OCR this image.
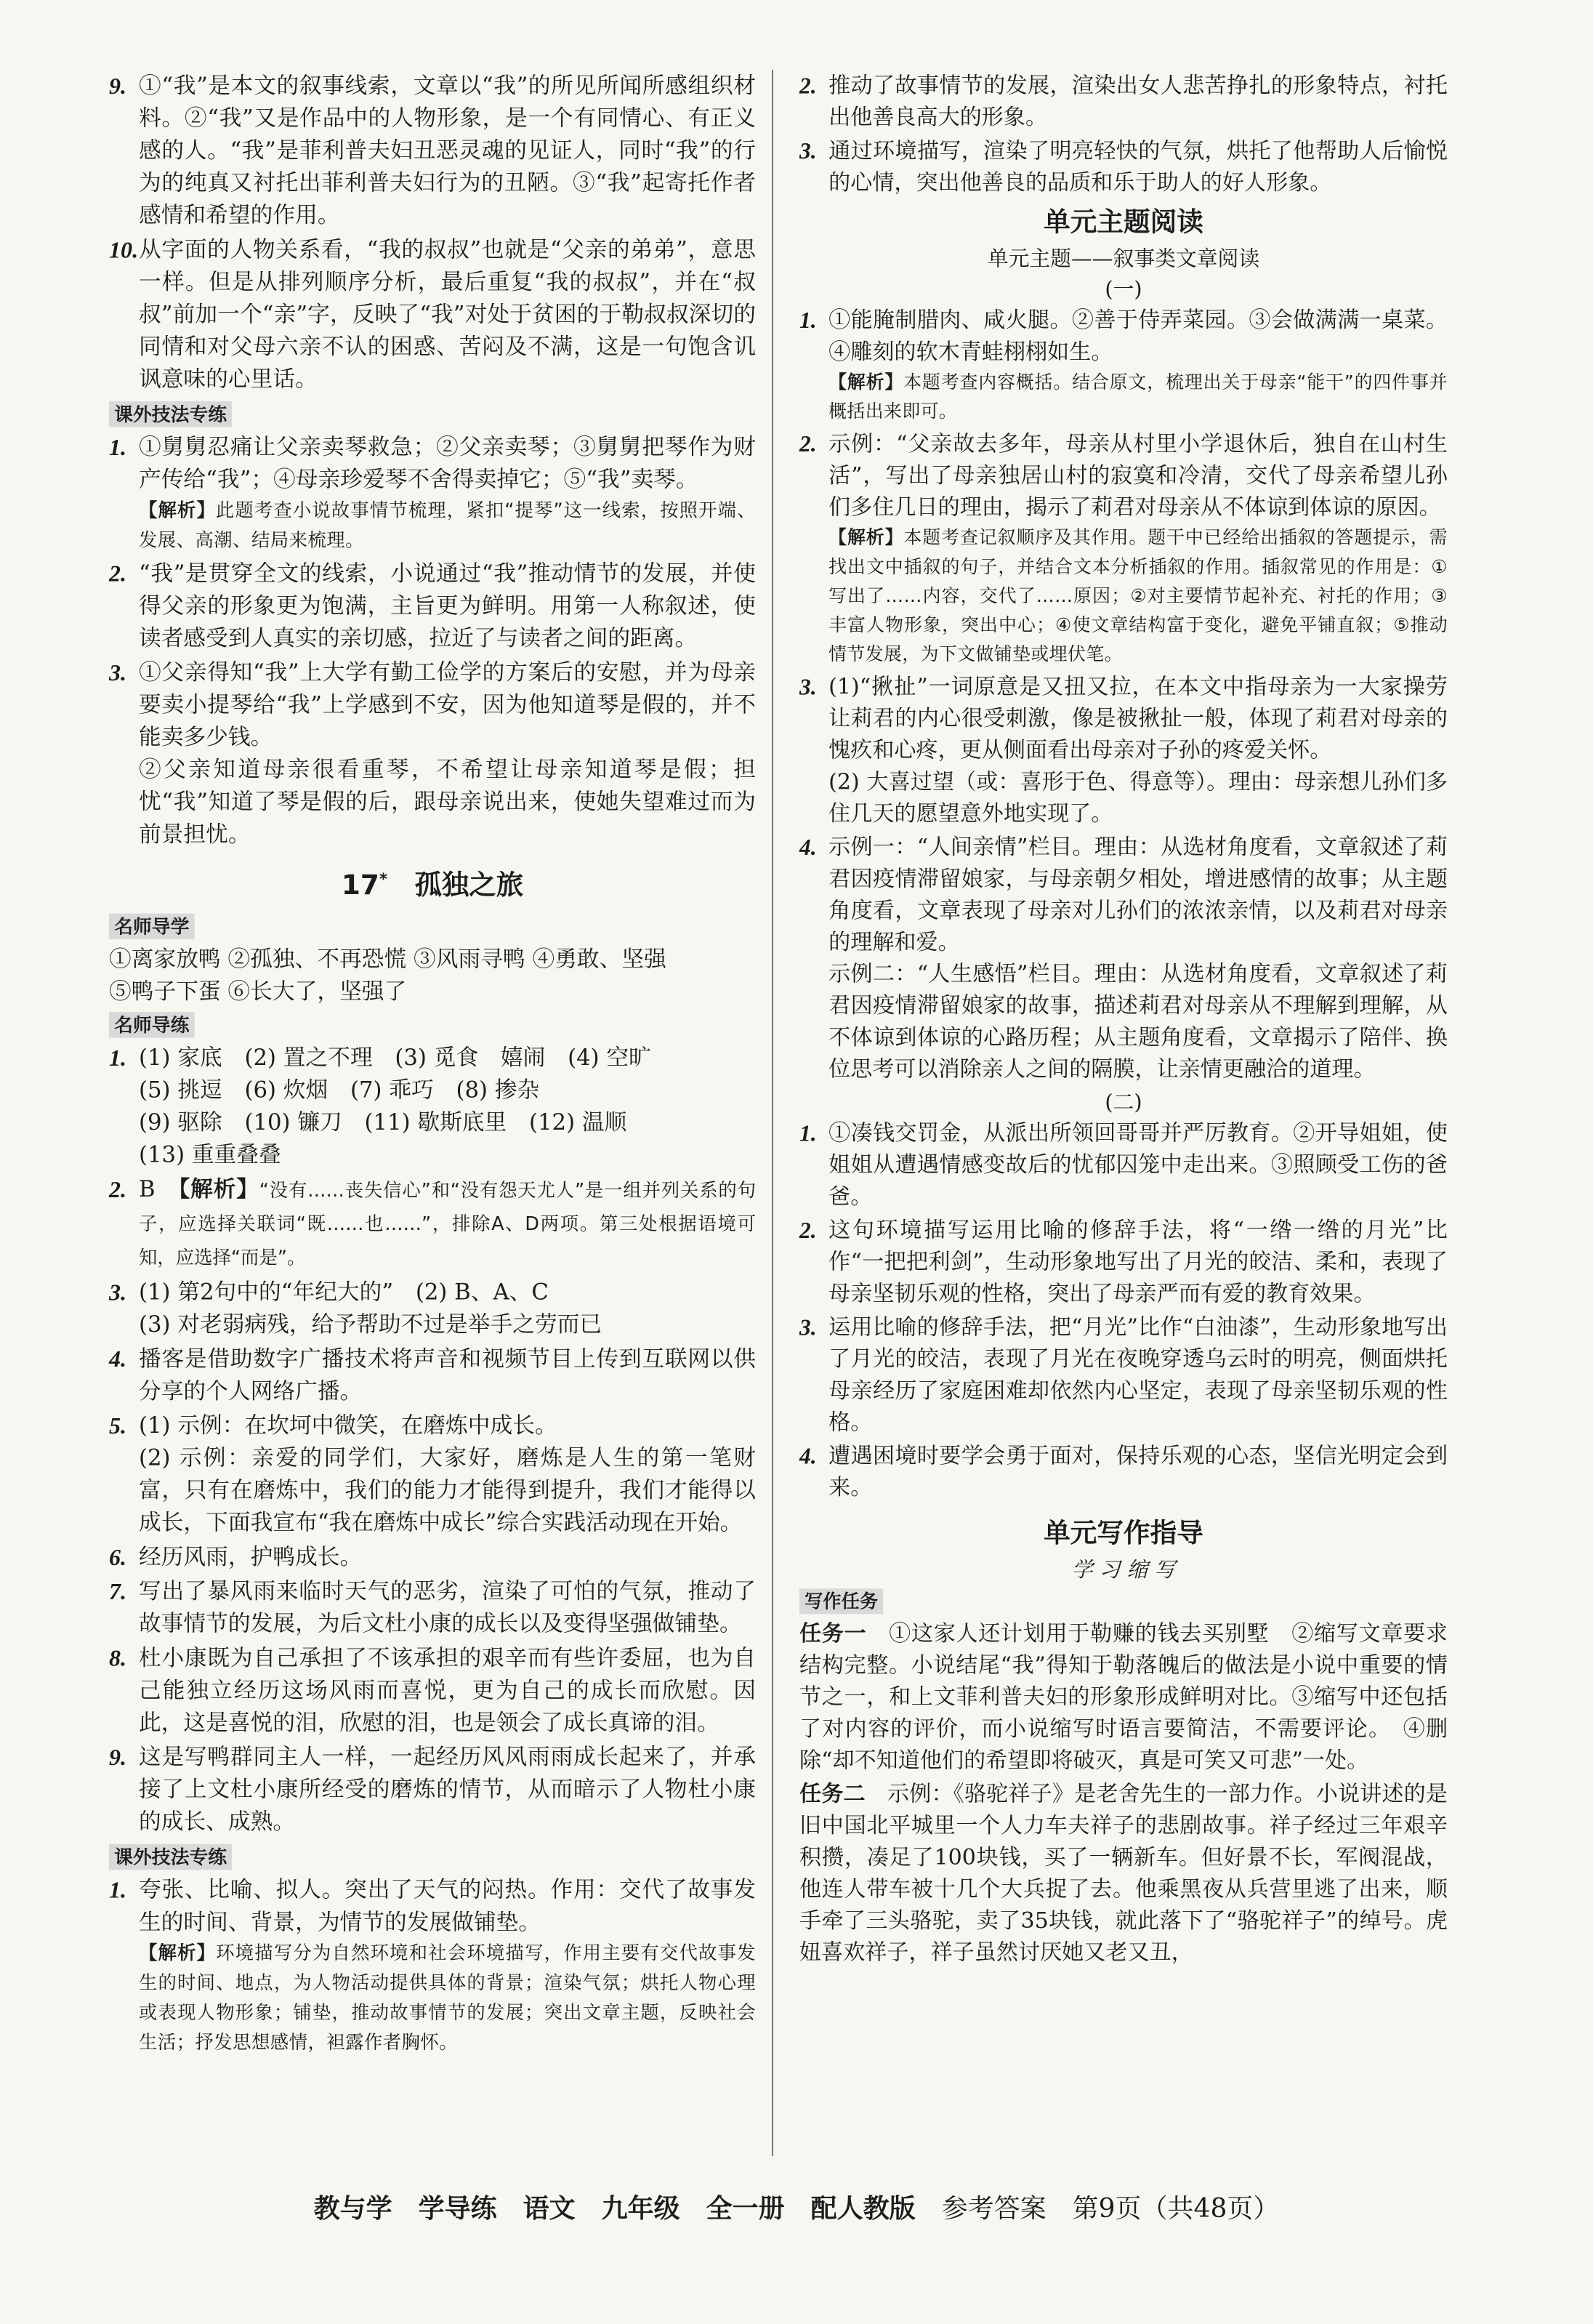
9. ①“我”是本文的叙事线索，文章以“我”的所见所闻所感组织材料。②“我”又是作品中的人物形象，是一个有同情心、有正义感的人。“我”是菲利普夫妇丑恶灵魂的见证人，同时“我”的行为的纯真又衬托出菲利普夫妇行为的丑陋。③“我”起寄托作者感情和希望的作用。
10. 从字面的人物关系看，“我的叔叔”也就是“父亲的弟弟”，意思一样。但是从排列顺序分析，最后重复“我的叔叔”，并在“叔叔”前加一个“亲”字，反映了“我”对处于贫困的于勒叔叔深切的同情和对父母六亲不认的困惑、苦闷及不满，这是一句饱含讥讽意味的心里话。
课外技法专练
1. ①舅舅忍痛让父亲卖琴救急；②父亲卖琴；③舅舅把琴作为财产传给“我”；④母亲珍爱琴不舍得卖掉它；⑤“我”卖琴。
【解析】此题考查小说故事情节梳理，紧扣“提琴”这一线索，按照开端、发展、高潮、结局来梳理。
2. “我”是贯穿全文的线索，小说通过“我”推动情节的发展，并使得父亲的形象更为饱满，主旨更为鲜明。用第一人称叙述，使读者感受到人真实的亲切感，拉近了与读者之间的距离。
3. ①父亲得知“我”上大学有勤工俭学的方案后的安慰，并为母亲要卖小提琴给“我”上学感到不安，因为他知道琴是假的，并不能卖多少钱。
②父亲知道母亲很看重琴，不希望让母亲知道琴是假；担忧“我”知道了琴是假的后，跟母亲说出来，使她失望难过而为前景担忧。
17*　 孤独之旅
名师导学

①离家放鸭 ②孤独、不再恐慌 ③风雨寻鸭 ④勇敢、坚强

⑤鸭子下蛋 ⑥长大了，坚强了

名师导练
1. (1) 家底　(2) 置之不理　(3) 觅食　嬉闹　(4) 空旷
(5) 挑逗　(6) 炊烟　(7) 乖巧　(8) 掺杂
(9) 驱除　(10) 镰刀　(11) 歇斯底里　(12) 温顺
(13) 重重叠叠
2. B　【解析】“没有……丧失信心”和“没有怨天尤人”是一组并列关系的句子，应选择关联词“既……也……”，排除A、D两项。第三处根据语境可知，应选择“而是”。
3. (1) 第2句中的“年纪大的”　(2) B、A、C
(3) 对老弱病残，给予帮助不过是举手之劳而已
4. 播客是借助数字广播技术将声音和视频节目上传到互联网以供分享的个人网络广播。
5. (1) 示例：在坎坷中微笑，在磨炼中成长。
(2) 示例：亲爱的同学们，大家好，磨炼是人生的第一笔财富，只有在磨炼中，我们的能力才能得到提升，我们才能得以成长，下面我宣布“我在磨炼中成长”综合实践活动现在开始。
6. 经历风雨，护鸭成长。
7. 写出了暴风雨来临时天气的恶劣，渲染了可怕的气氛，推动了故事情节的发展，为后文杜小康的成长以及变得坚强做铺垫。
8. 杜小康既为自己承担了不该承担的艰辛而有些许委屈，也为自己能独立经历这场风雨而喜悦，更为自己的成长而欣慰。因此，这是喜悦的泪，欣慰的泪，也是领会了成长真谛的泪。
9. 这是写鸭群同主人一样，一起经历风风雨雨成长起来了，并承接了上文杜小康所经受的磨炼的情节，从而暗示了人物杜小康的成长、成熟。
课外技法专练
1. 夸张、比喻、拟人。突出了天气的闷热。作用：交代了故事发生的时间、背景，为情节的发展做铺垫。
【解析】环境描写分为自然环境和社会环境描写，作用主要有交代故事发生的时间、地点，为人物活动提供具体的背景；渲染气氛；烘托人物心理或表现人物形象；铺垫，推动故事情节的发展；突出文章主题，反映社会生活；抒发思想感情，袒露作者胸怀。
2. 推动了故事情节的发展，渲染出女人悲苦挣扎的形象特点，衬托出他善良高大的形象。
3. 通过环境描写，渲染了明亮轻快的气氛，烘托了他帮助人后愉悦的心情，突出他善良的品质和乐于助人的好人形象。
单元主题阅读
单元主题——叙事类文章阅读
(一)
1. ①能腌制腊肉、咸火腿。②善于侍弄菜园。③会做满满一桌菜。④雕刻的软木青蛙栩栩如生。
【解析】本题考查内容概括。结合原文，梳理出关于母亲“能干”的四件事并概括出来即可。
2. 示例：“父亲故去多年，母亲从村里小学退休后，独自在山村生活”，写出了母亲独居山村的寂寞和冷清，交代了母亲希望儿孙们多住几日的理由，揭示了莉君对母亲从不体谅到体谅的原因。
【解析】本题考查记叙顺序及其作用。题干中已经给出插叙的答题提示，需找出文中插叙的句子，并结合文本分析插叙的作用。插叙常见的作用是：①写出了……内容，交代了……原因；②对主要情节起补充、衬托的作用；③丰富人物形象，突出中心；④使文章结构富于变化，避免平铺直叙；⑤推动情节发展，为下文做铺垫或埋伏笔。
3. (1)“揪扯”一词原意是又扭又拉，在本文中指母亲为一大家操劳让莉君的内心很受刺激，像是被揪扯一般，体现了莉君对母亲的愧疚和心疼，更从侧面看出母亲对子孙的疼爱关怀。
(2) 大喜过望（或：喜形于色、得意等）。理由：母亲想儿孙们多住几天的愿望意外地实现了。
4. 示例一：“人间亲情”栏目。理由：从选材角度看，文章叙述了莉君因疫情滞留娘家，与母亲朝夕相处，增进感情的故事；从主题角度看，文章表现了母亲对儿孙们的浓浓亲情，以及莉君对母亲的理解和爱。
示例二：“人生感悟”栏目。理由：从选材角度看，文章叙述了莉君因疫情滞留娘家的故事，描述莉君对母亲从不理解到理解，从不体谅到体谅的心路历程；从主题角度看，文章揭示了陪伴、换位思考可以消除亲人之间的隔膜，让亲情更融洽的道理。
(二)
1. ①凑钱交罚金，从派出所领回哥哥并严厉教育。②开导姐姐，使姐姐从遭遇情感变故后的忧郁囚笼中走出来。③照顾受工伤的爸爸。
2. 这句环境描写运用比喻的修辞手法，将“一绺一绺的月光”比作“一把把利剑”，生动形象地写出了月光的皎洁、柔和，表现了母亲坚韧乐观的性格，突出了母亲严而有爱的教育效果。
3. 运用比喻的修辞手法，把“月光”比作“白油漆”，生动形象地写出了月光的皎洁，表现了月光在夜晚穿透乌云时的明亮，侧面烘托母亲经历了家庭困难却依然内心坚定，表现了母亲坚韧乐观的性格。
4. 遭遇困境时要学会勇于面对，保持乐观的心态，坚信光明定会到来。
单元写作指导
学 习 缩 写
写作任务

任务一　 ①这家人还计划用于勒赚的钱去买别墅　②缩写文章要求结构完整。小说结尾“我”得知于勒落魄后的做法是小说中重要的情节之一，和上文菲利普夫妇的形象形成鲜明对比。③缩写中还包括了对内容的评价，而小说缩写时语言要简洁，不需要评论。　④删除“却不知道他们的希望即将破灭，真是可笑又可悲”一处。

任务二　 示例：《骆驼祥子》是老舍先生的一部力作。小说讲述的是旧中国北平城里一个人力车夫祥子的悲剧故事。祥子经过三年艰辛积攒，凑足了100块钱，买了一辆新车。但好景不长，军阀混战，他连人带车被十几个大兵捉了去。他乘黑夜从兵营里逃了出来，顺手牵了三头骆驼，卖了35块钱，就此落下了“骆驼祥子”的绰号。虎妞喜欢祥子，祥子虽然讨厌她又老又丑，

教与学　学导练　语文　九年级　全一册　配人教版　 参考答案　第9页（共48页）
